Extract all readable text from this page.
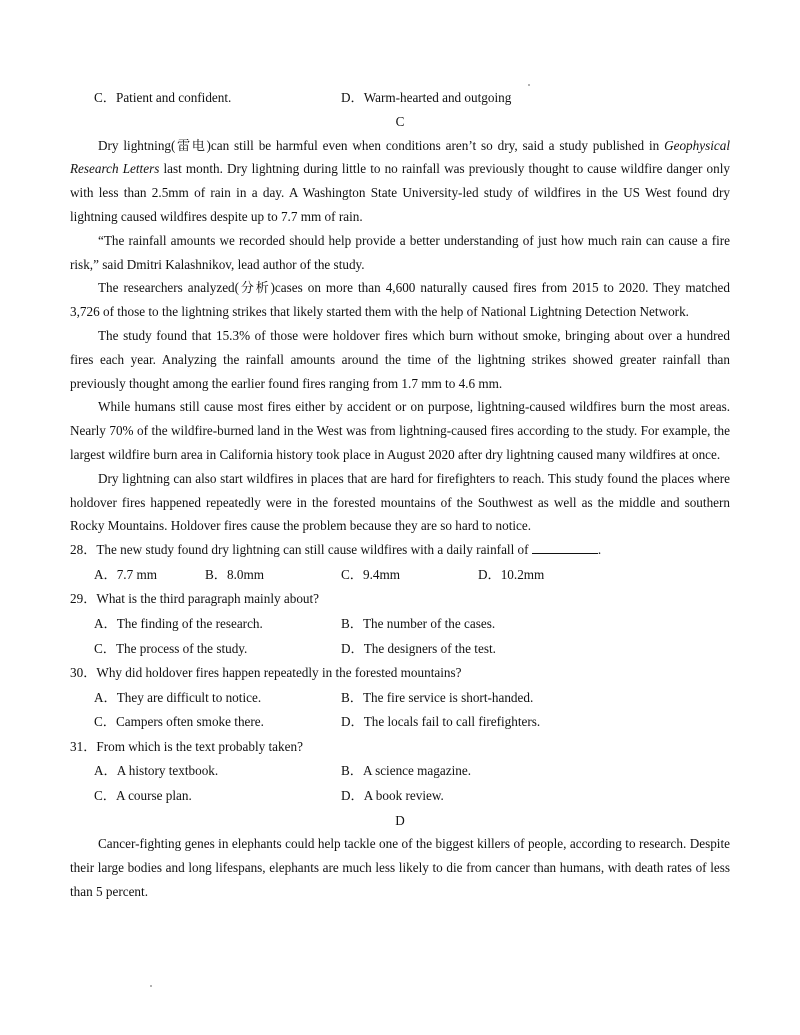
C．Patient and confident.	D．Warm-hearted and outgoing
C

Dry lightning(雷电)can still be harmful even when conditions aren’t so dry, said a study published in Geophysical Research Letters last month. Dry lightning during little to no rainfall was previously thought to cause wildfire danger only with less than 2.5mm of rain in a day. A Washington State University-led study of wildfires in the US West found dry lightning caused wildfires despite up to 7.7 mm of rain.

“The rainfall amounts we recorded should help provide a better understanding of just how much rain can cause a fire risk,” said Dmitri Kalashnikov, lead author of the study.

The researchers analyzed(分析)cases on more than 4,600 naturally caused fires from 2015 to 2020. They matched 3,726 of those to the lightning strikes that likely started them with the help of National Lightning Detection Network.

The study found that 15.3% of those were holdover fires which burn without smoke, bringing about over a hundred fires each year. Analyzing the rainfall amounts around the time of the lightning strikes showed greater rainfall than previously thought among the earlier found fires ranging from 1.7 mm to 4.6 mm.

While humans still cause most fires either by accident or on purpose, lightning-caused wildfires burn the most areas. Nearly 70% of the wildfire-burned land in the West was from lightning-caused fires according to the study. For example, the largest wildfire burn area in California history took place in August 2020 after dry lightning caused many wildfires at once.

Dry lightning can also start wildfires in places that are hard for firefighters to reach. This study found the places where holdover fires happened repeatedly were in the forested mountains of the Southwest as well as the middle and southern Rocky Mountains. Holdover fires cause the problem because they are so hard to notice.

28．The new study found dry lightning can still cause wildfires with a daily rainfall of	.
A．7.7 mm	B．8.0mm	C．9.4mm	D．10.2mm
29．What is the third paragraph mainly about?
A．The finding of the research.	B．The number of the cases.
C．The process of the study.	D．The designers of the test.
30．Why did holdover fires happen repeatedly in the forested mountains?
A．They are difficult to notice.	B．The fire service is short-handed.
C．Campers often smoke there.	D．The locals fail to call firefighters.
31．From which is the text probably taken?
A．A history textbook.	B．A science magazine.
C．A course plan.	D．A book review.
D

Cancer-fighting genes in elephants could help tackle one of the biggest killers of people, according to research. Despite their large bodies and long lifespans, elephants are much less likely to die from cancer than humans, with death rates of less than 5 percent.
